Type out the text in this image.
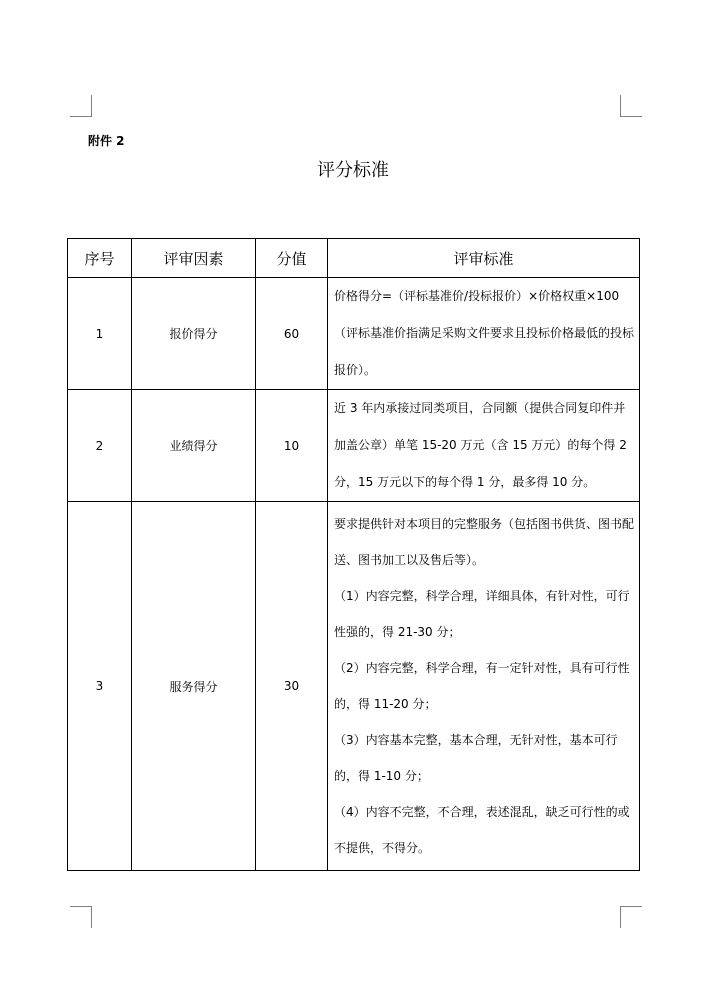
附件 2
评分标准
序号	评审因素	分值	评审标准
1	报价得分	60	价格得分=（评标基准价/投标报价）×价格权重×100（评标基准价指满足采购文件要求且投标价格最低的投标报价）。

2	业绩得分	10	近 3 年内承接过同类项目，合同额（提供合同复印件并加盖公章）单笔 15-20 万元（含 15 万元）的每个得 2 分，15 万元以下的每个得 1 分，最多得 10 分。

3	服务得分	30	要求提供针对本项目的完整服务（包括图书供货、图书配送、图书加工以及售后等）。

（1）内容完整，科学合理，详细具体，有针对性，可行性强的，得 21-30 分；

（2）内容完整，科学合理，有一定针对性，具有可行性的，得 11-20 分；

（3）内容基本完整，基本合理，无针对性，基本可行的，得 1-10 分；

（4）内容不完整，不合理，表述混乱，缺乏可行性的或不提供，不得分。
